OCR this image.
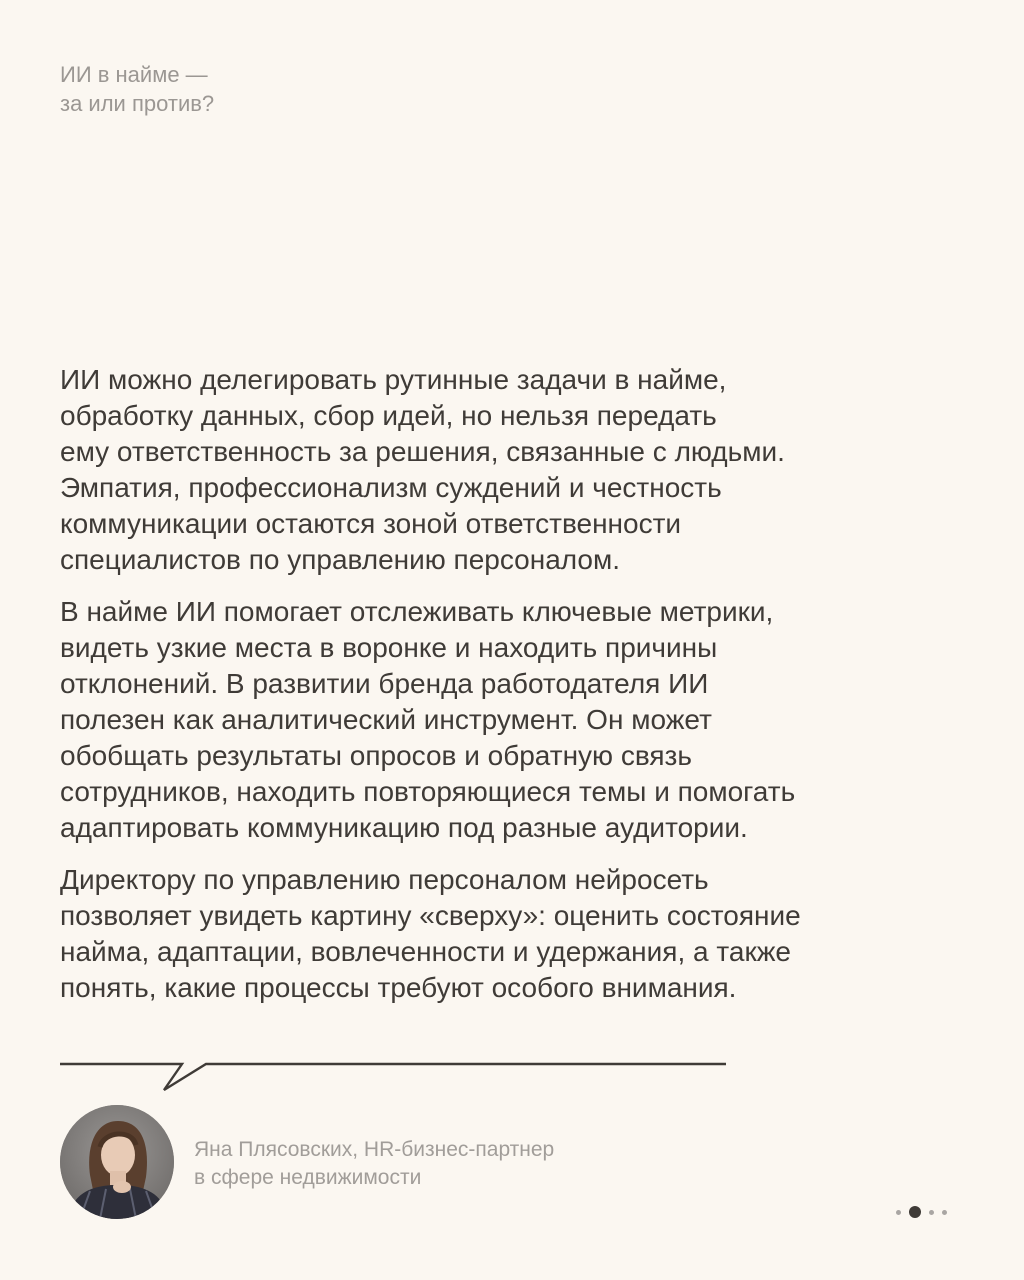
ИИ в найме —
за или против?

ИИ можно делегировать рутинные задачи в найме,
обработку данных, сбор идей, но нельзя передать
ему ответственность за решения, связанные с людьми.
Эмпатия, профессионализм суждений и честность
коммуникации остаются зоной ответственности
специалистов по управлению персоналом.

В найме ИИ помогает отслеживать ключевые метрики,
видеть узкие места в воронке и находить причины
отклонений. В развитии бренда работодателя ИИ
полезен как аналитический инструмент. Он может
обобщать результаты опросов и обратную связь
сотрудников, находить повторяющиеся темы и помогать
адаптировать коммуникацию под разные аудитории.

Директору по управлению персоналом нейросеть
позволяет увидеть картину «сверху»: оценить состояние
найма, адаптации, вовлеченности и удержания, а также
понять, какие процессы требуют особого внимания.

Яна Плясовских, HR-бизнес-партнер
в сфере недвижимости
